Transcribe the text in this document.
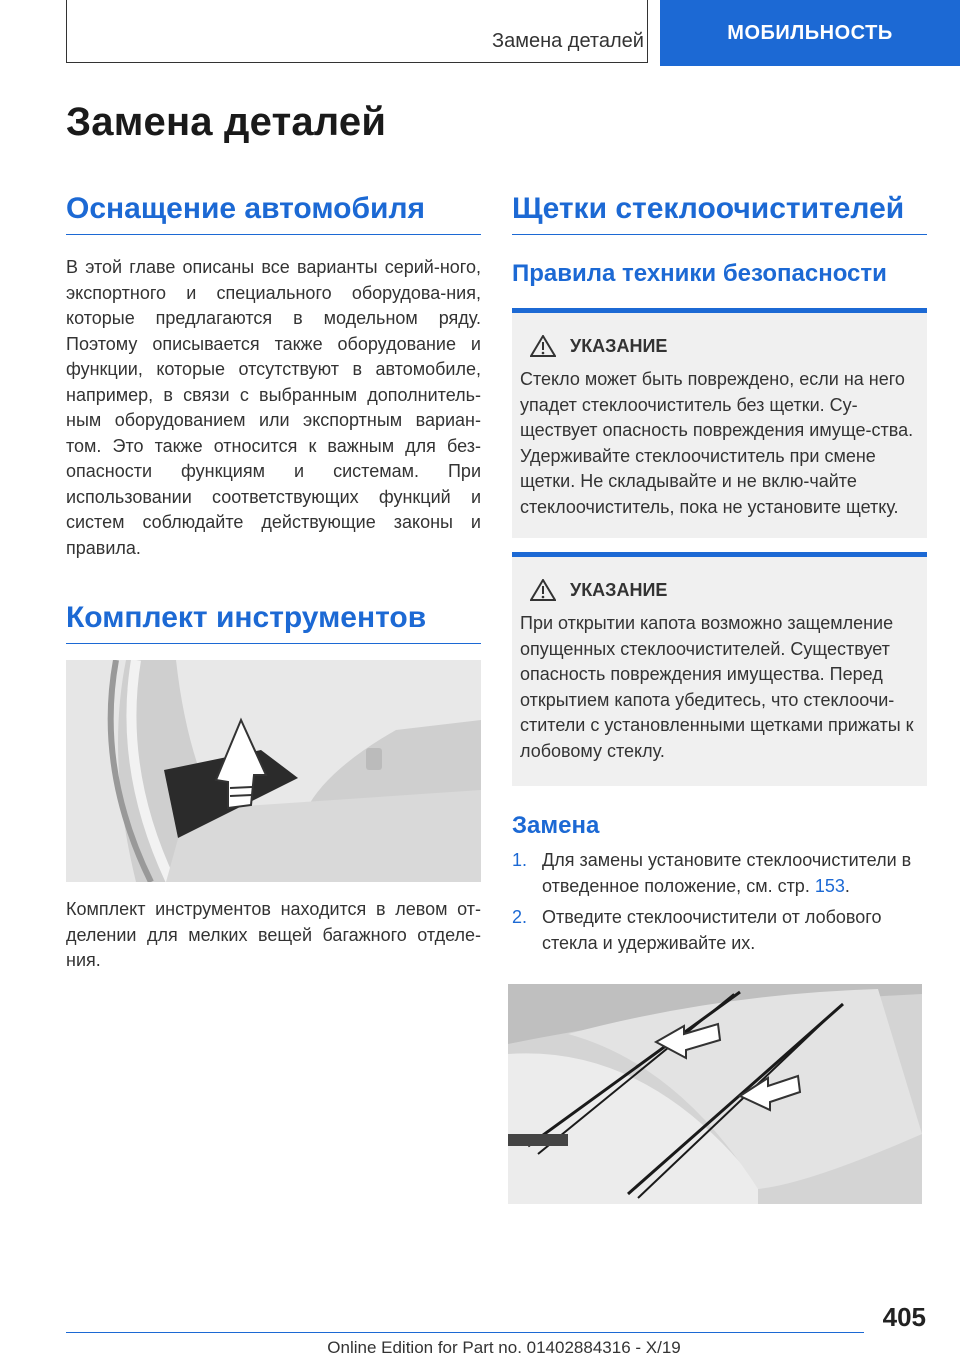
Замена деталей	МОБИЛЬНОСТЬ
Замена деталей
Оснащение автомобиля
В этой главе описаны все варианты серий-ного, экспортного и специального оборудова-ния, которые предлагаются в модельном ряду. Поэтому описывается также оборудование и функции, которые отсутствуют в автомобиле, например, в связи с выбранным дополнитель-ным оборудованием или экспортным вариан-том. Это также относится к важным для без-опасности функциям и системам. При использовании соответствующих функций и систем соблюдайте действующие законы и правила.
Комплект инструментов
Комплект инструментов находится в левом от-делении для мелких вещей багажного отделе-ния.
Щетки стеклоочистителей
Правила техники безопасности
УКАЗАНИЕ
Стекло может быть повреждено, если на него упадет стеклоочиститель без щетки. Су-ществует опасность повреждения имуще-ства. Удерживайте стеклоочиститель при смене щетки. Не складывайте и не вклю-чайте стеклоочиститель, пока не установите щетку.
УКАЗАНИЕ
При открытии капота возможно защемление опущенных стеклоочистителей. Существует опасность повреждения имущества. Перед открытием капота убедитесь, что стеклоочи-стители с установленными щетками прижаты к лобовому стеклу.
Замена
1. Для замены установите стеклоочистители в отведенное положение, см. стр. 153.
2. Отведите стеклоочистители от лобового стекла и удерживайте их.
405
Online Edition for Part no. 01402884316 - X/19
